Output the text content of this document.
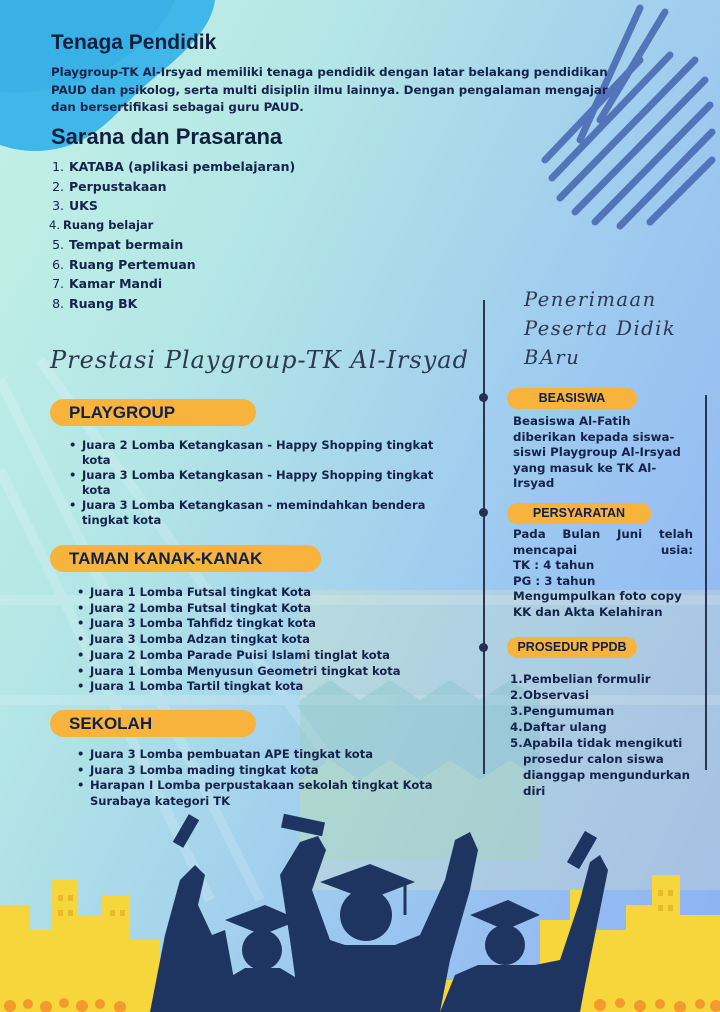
Tenaga Pendidik

Playgroup-TK Al-Irsyad memiliki tenaga pendidik dengan latar belakang pendidikan PAUD dan psikolog, serta multi disiplin ilmu lainnya. Dengan pengalaman mengajar dan bersertifikasi sebagai guru PAUD.

Sarana dan Prasarana
1. KATABA (aplikasi pembelajaran)
2. Perpustakaan
3. UKS
4. Ruang belajar
5. Tempat bermain
6. Ruang Pertemuan
7. Kamar Mandi
8. Ruang BK
Prestasi Playgroup-TK Al-Irsyad
PLAYGROUP
• Juara 2 Lomba Ketangkasan - Happy Shopping tingkat kota
• Juara 3 Lomba Ketangkasan - Happy Shopping tingkat kota
• Juara 3 Lomba Ketangkasan - memindahkan bendera tingkat kota
TAMAN KANAK-KANAK
• Juara 1 Lomba Futsal tingkat Kota
• Juara 2 Lomba Futsal tingkat Kota
• Juara 3 Lomba Tahfidz tingkat kota
• Juara 3 Lomba Adzan tingkat kota
• Juara 2 Lomba Parade Puisi Islami tinglat kota
• Juara 1 Lomba Menyusun Geometri tingkat kota
• Juara 1 Lomba Tartil tingkat kota
SEKOLAH
• Juara 3 Lomba pembuatan APE tingkat kota
• Juara 3 Lomba mading tingkat kota
• Harapan I Lomba perpustakaan sekolah tingkat Kota Surabaya kategori TK
Penerimaan
Peserta Didik
BAru
BEASISWA

Beasiswa Al-Fatih diberikan kepada siswa-siswi Playgroup Al-Irsyad yang masuk ke TK Al-Irsyad

PERSYARATAN
Pada Bulan Juni telah mencapai usia:
TK : 4 tahun
PG : 3 tahun
Mengumpulkan foto copy KK dan Akta Kelahiran
PROSEDUR PPDB
1. Pembelian formulir
2. Observasi
3. Pengumuman
4. Daftar ulang
5. Apabila tidak mengikuti prosedur calon siswa dianggap mengundurkan diri
